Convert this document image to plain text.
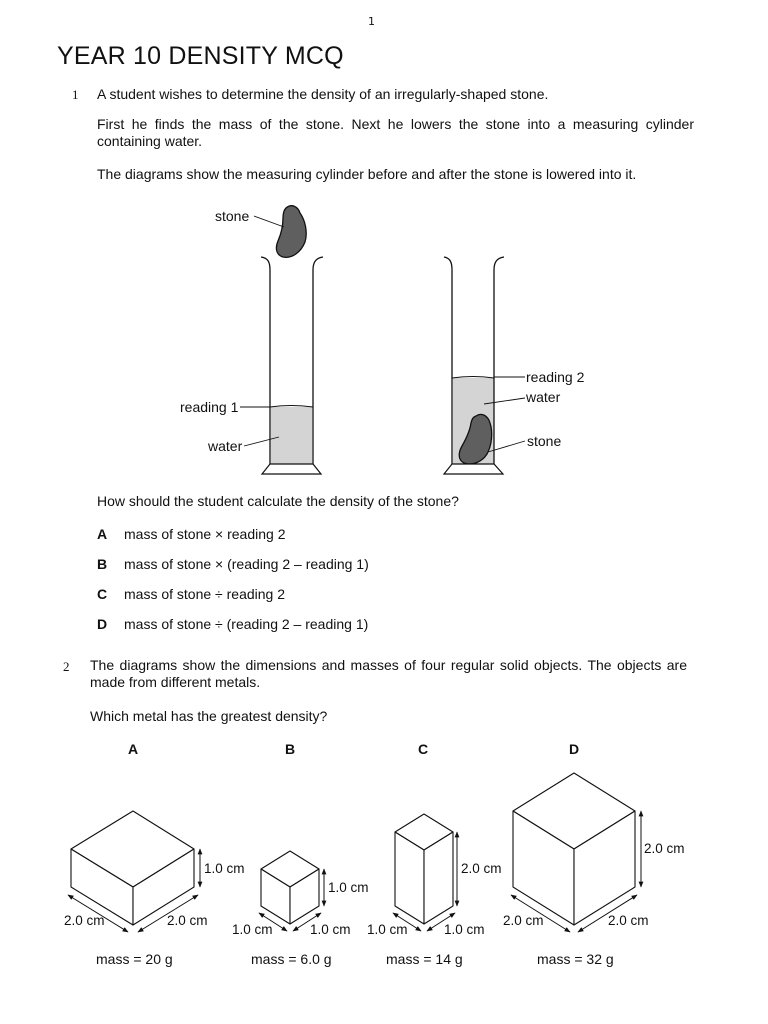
1
YEAR 10 DENSITY MCQ
1 A student wishes to determine the density of an irregularly-shaped stone.
First he finds the mass of the stone. Next he lowers the stone into a measuring cylinder containing water.
The diagrams show the measuring cylinder before and after the stone is lowered into it.
stone
reading 1
water
reading 2
water
stone
How should the student calculate the density of the stone?
A mass of stone × reading 2
B mass of stone × (reading 2 – reading 1)
C mass of stone ÷ reading 2
D mass of stone ÷ (reading 2 – reading 1)
2 The diagrams show the dimensions and masses of four regular solid objects. The objects are made from different metals.
Which metal has the greatest density?
A	B	C	D
1.0 cm
2.0 cm	2.0 cm
mass = 20 g
1.0 cm
1.0 cm	1.0 cm
mass = 6.0 g
2.0 cm
1.0 cm	1.0 cm
mass = 14 g
2.0 cm
2.0 cm	2.0 cm
mass = 32 g
